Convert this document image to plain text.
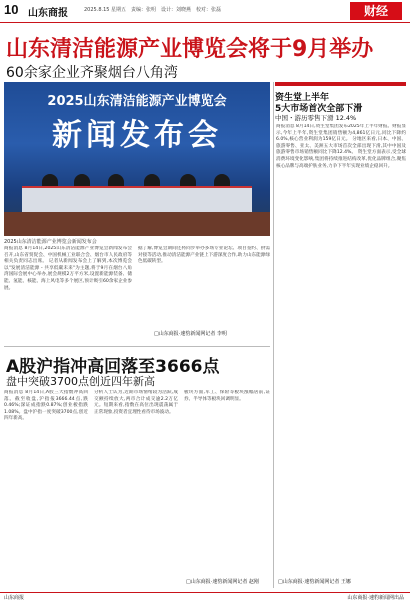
10 山东商报	2025.8.15 星期五　责编：张明　设计：刘晓燕　校对：张磊	财经
山东清洁能源产业博览会将于9月举办
60余家企业齐聚烟台八角湾
2025山东清洁能源产业博览会
新闻发布会
2025山东清洁能源产业博览会新闻发布会
商报消息 8月14日,2025山东清洁能源产业博览会新闻发布会召开,山东省贸促会、中国机械工业联合会、烟台市人民政府等相关负责同志出席。 记者从新闻发布会上了解到,本次博览会以"发展清洁能源・共享低碳未来"为主题,将于9月在烟台八角湾国际会展中心举办,展会规模2万平方米,设置新能源装备、储能、氢能、核能、海上风电等多个展区,预计吸引60余家企业参展。
据了解,博览会期间还将同步举办多场专业论坛、项目签约、供需对接等活动,推动清洁能源产业链上下游深度合作,助力山东能源绿色低碳转型。
□山东商报·速豹新闻网记者 李明
资生堂上半年
5大市场首次全部下滑
中国・游历零售下滑 12.4%
商报消息 8月14日,资生堂集团发布2025年上半年财报。财报显示,今年上半年,资生堂集团销售额为4,861亿日元,同比下降约6.0%,核心营业利润为159亿日元。 分地区来看,日本、中国、旅游零售、亚太、美洲五大市场首次全部出现下滑,其中中国及旅游零售市场销售额同比下降12.4%。 资生堂方面表示,受全球消费环境变化影响,集团将持续推进结构改革,优化品牌组合,聚焦核心品牌与高端护肤业务,力争下半年实现业绩企稳回升。
□山东商报·速豹新闻网记者 王娜
A股沪指冲高回落至3666点
盘中突破3700点创近四年新高
商报消息 8月14日,A股三大指数冲高回落。截至收盘,沪指报3666.44点,跌0.46%;深证成指跌0.87%;创业板指跌1.08%。盘中沪指一度突破3700点,创近四年新高。
分析人士认为,近期市场情绪较为活跃,成交额持续放大,两市合计成交逾2.2万亿元。短期来看,指数在高位出现震荡属于正常现象,投资者宜理性看待市场波动。
板块方面,军工、保险等板块涨幅居前,证券、半导体等板块回调明显。
□山东商报·速豹新闻网记者 赵刚
山东商报	山东商报·速豹新闻网出品
